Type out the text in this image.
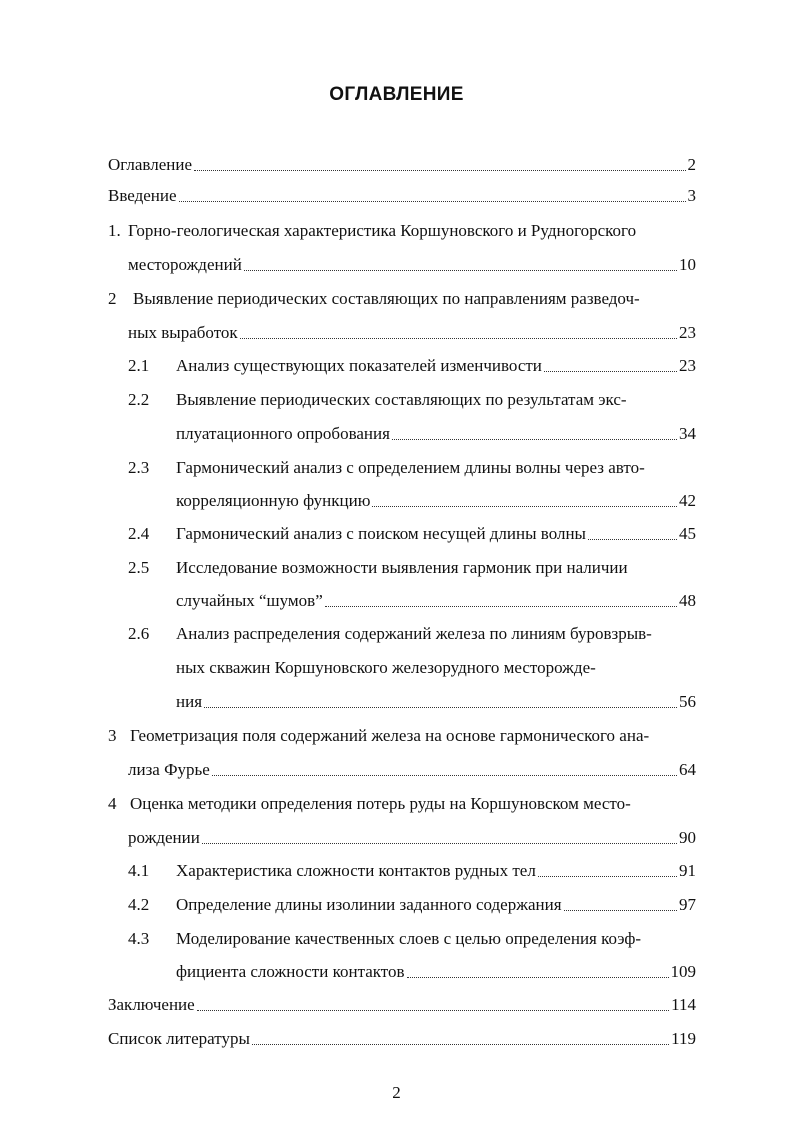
ОГЛАВЛЕНИЕ
Оглавление	2
Введение	3
1. Горно-геологическая характеристика Коршуновского и Рудногорского
месторождений	10
2 Выявление периодических составляющих по направлениям разведоч-
ных выработок	23
2.1 Анализ существующих показателей изменчивости	23
2.2 Выявление периодических составляющих по результатам экс-
плуатационного опробования	34
2.3 Гармонический анализ с определением длины волны через авто-
корреляционную функцию	42
2.4 Гармонический анализ с поиском несущей длины волны	45
2.5 Исследование возможности выявления гармоник при наличии
случайных “шумов”	48
2.6 Анализ распределения содержаний железа по линиям буровзрыв-
ных скважин Коршуновского железорудного месторожде-
ния	56
3 Геометризация поля содержаний железа на основе гармонического ана-
лиза Фурье	64
4 Оценка методики определения потерь руды на Коршуновском место-
рождении	90
4.1 Характеристика сложности контактов рудных тел	91
4.2 Определение длины изолинии заданного содержания	97
4.3 Моделирование качественных слоев с целью определения коэф-
фициента сложности контактов	109
Заключение	114
Список литературы	119
2
